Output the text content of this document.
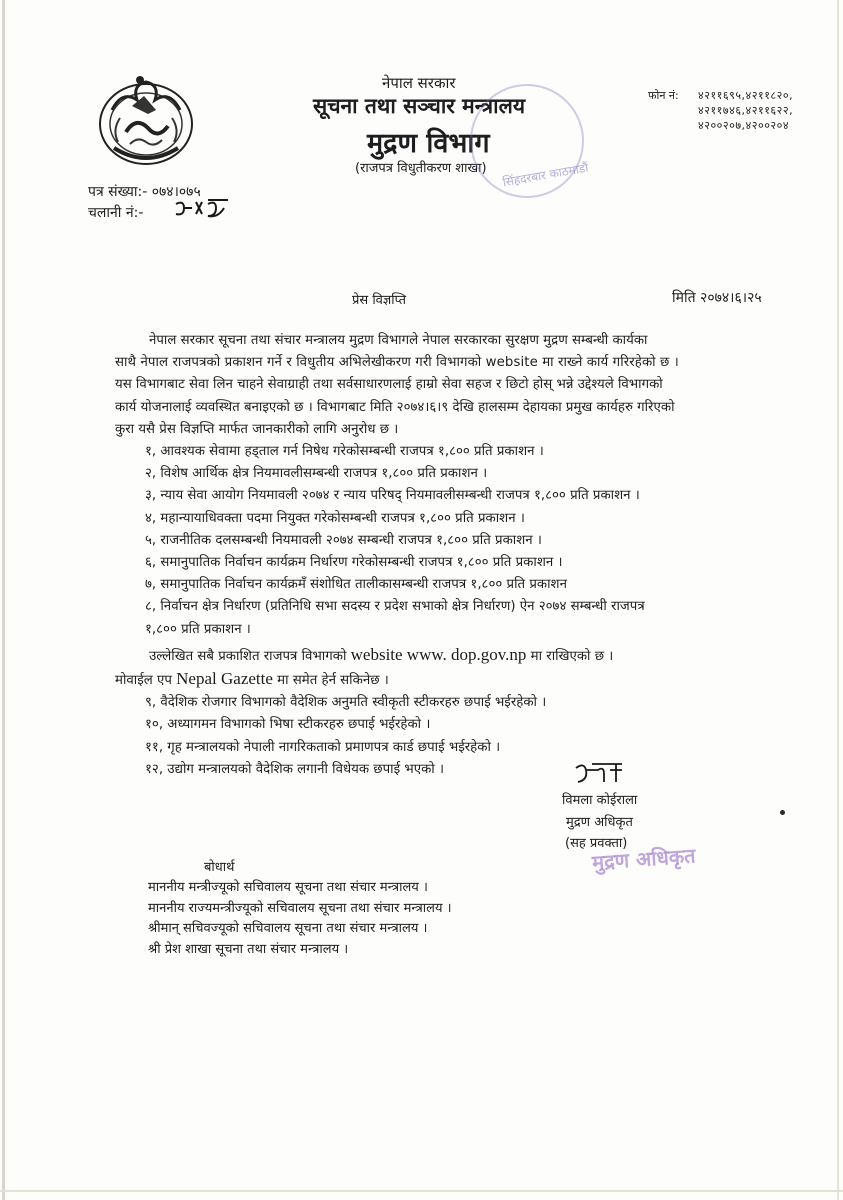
नेपाल सरकार
सूचना तथा सञ्चार मन्त्रालय
मुद्रण विभाग
(राजपत्र विधुतीकरण शाखा) सिंहदरबार काठमाडौं
फोन नं: ४२११६९५,४२११८२०,
४२११७४६,४२११६२२,
४२००२०७,४२००२०४
पत्र संख्या:- ०७४।०७५
चलानी नं:-
प्रेस विज्ञप्ति	मिति २०७४।६।२५

नेपाल सरकार सूचना तथा संचार मन्त्रालय मुद्रण विभागले नेपाल सरकारका सुरक्षण मुद्रण सम्बन्धी कार्यका

साथै नेपाल राजपत्रको प्रकाशन गर्ने र विधुतीय अभिलेखीकरण गरी विभागको website मा राख्ने कार्य गरिरहेको छ ।

यस विभागबाट सेवा लिन चाहने सेवाग्राही तथा सर्वसाधारणलाई हाम्रो सेवा सहज र छिटो होस् भन्ने उद्देश्यले विभागको

कार्य योजनालाई व्यवस्थित बनाइएको छ । विभागबाट मिति २०७४।६।९ देखि हालसम्म देहायका प्रमुख कार्यहरु गरिएको

कुरा यसै प्रेस विज्ञप्ति मार्फत जानकारीको लागि अनुरोध छ ।

१, आवश्यक सेवामा हड्ताल गर्न निषेध गरेकोसम्बन्धी राजपत्र १,८०० प्रति प्रकाशन ।

२, विशेष आर्थिक क्षेत्र नियमावलीसम्बन्धी राजपत्र १,८०० प्रति प्रकाशन ।

३, न्याय सेवा आयोग नियमावली २०७४ र न्याय परिषद् नियमावलीसम्बन्धी राजपत्र १,८०० प्रति प्रकाशन ।

४, महान्यायाधिवक्ता पदमा नियुक्त गरेकोसम्बन्धी राजपत्र १,८०० प्रति प्रकाशन ।

५, राजनीतिक दलसम्बन्धी नियमावली २०७४ सम्बन्धी राजपत्र १,८०० प्रति प्रकाशन ।

६, समानुपातिक निर्वाचन कार्यक्रम निर्धारण गरेकोसम्बन्धी राजपत्र १,८०० प्रति प्रकाशन ।

७, समानुपातिक निर्वाचन कार्यक्रमँ संशोधित तालीकासम्बन्धी राजपत्र १,८०० प्रति प्रकाशन

८, निर्वाचन क्षेत्र निर्धारण (प्रतिनिधि सभा सदस्य र प्रदेश सभाको क्षेत्र निर्धारण) ऐन २०७४ सम्बन्धी राजपत्र

१,८०० प्रति प्रकाशन ।

उल्लेखित सबै प्रकाशित राजपत्र विभागको website www. dop.gov.np मा राखिएको छ ।

मोवाईल एप Nepal Gazette मा समेत हेर्न सकिनेछ ।

९, वैदेशिक रोजगार विभागको वैदेशिक अनुमति स्वीकृती स्टीकरहरु छपाई भईरहेको ।

१०, अध्यागमन विभागको भिषा स्टीकरहरु छपाई भईरहेको ।

११, गृह मन्त्रालयको नेपाली नागरिकताको प्रमाणपत्र कार्ड छपाई भईरहेको ।

१२, उद्योग मन्त्रालयको वैदेशिक लगानी विधेयक छपाई भएको ।

विमला कोईराला
मुद्रण अधिकृत
(सह प्रवक्ता)
मुद्रण अधिकृत
बोधार्थ
माननीय मन्त्रीज्यूको सचिवालय सूचना तथा संचार मन्त्रालय ।
माननीय राज्यमन्त्रीज्यूको सचिवालय सूचना तथा संचार मन्त्रालय ।
श्रीमान् सचिवज्यूको सचिवालय सूचना तथा संचार मन्त्रालय ।
श्री प्रेश शाखा सूचना तथा संचार मन्त्रालय ।
